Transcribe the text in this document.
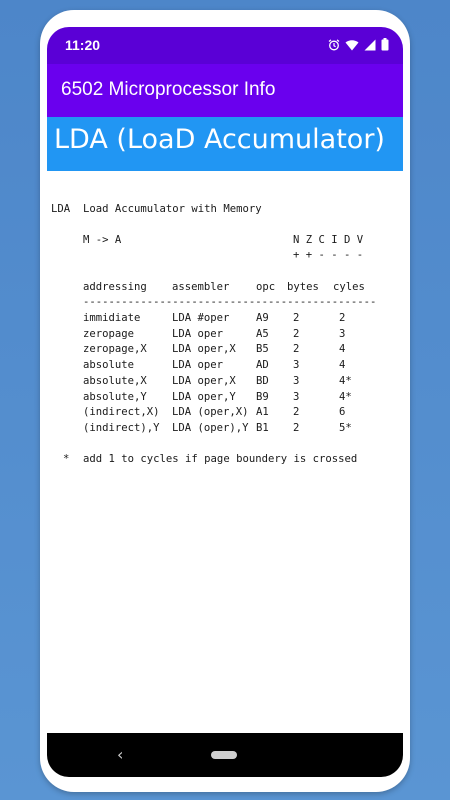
11:20
6502 Microprocessor Info
LDA (LoaD Accumulator)
LDA Load Accumulator with Memory
M -> A	N Z C I D V
+ + - - - -
addressing assembler	opc bytes cyles
----------------------------------------------
immidiate	LDA #oper	A9 2	2
zeropage	LDA oper	A5 2	3
zeropage,X LDA oper,X B5 2	4
absolute	LDA oper	AD 3	4
absolute,X LDA oper,X BD 3	4*
absolute,Y LDA oper,Y B9 3	4*
(indirect,X) LDA (oper,X) A1 2	6
(indirect),Y LDA (oper),Y B1 2	5*
* add 1 to cycles if page boundery is crossed
‹
